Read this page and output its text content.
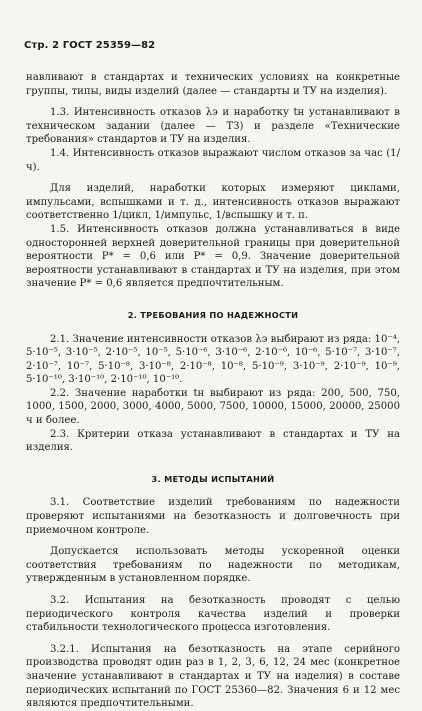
Стр. 2 ГОСТ 25359—82

навливают в стандартах и технических условиях на конкретные группы, типы, виды изделий (далее — стандарты и ТУ на изделия).

1.3. Интенсивность отказов λэ и наработку tн устанавливают в техническом задании (далее — ТЗ) и разделе «Технические требования» стандартов и ТУ на изделия.

1.4. Интенсивность отказов выражают числом отказов за час (1/ч).

Для изделий, наработки которых измеряют циклами, импульсами, вспышками и т. д., интенсивность отказов выражают соответственно 1/цикл, 1/импульс, 1/вспышку и т. п.

1.5. Интенсивность отказов должна устанавливаться в виде односторонней верхней доверительной границы при доверительной вероятности P* = 0,6 или P* = 0,9. Значение доверительной вероятности устанавливают в стандартах и ТУ на изделия, при этом значение P* = 0,6 является предпочтительным.

2. ТРЕБОВАНИЯ ПО НАДЕЖНОСТИ

2.1. Значение интенсивности отказов λэ выбирают из ряда: 10⁻⁴, 5·10⁻⁵, 3·10⁻⁵, 2·10⁻⁵, 10⁻⁵, 5·10⁻⁶, 3·10⁻⁶, 2·10⁻⁶, 10⁻⁶, 5·10⁻⁷, 3·10⁻⁷, 2·10⁻⁷, 10⁻⁷, 5·10⁻⁸, 3·10⁻⁸, 2·10⁻⁸, 10⁻⁸, 5·10⁻⁹, 3·10⁻⁹, 2·10⁻⁹, 10⁻⁹, 5·10⁻¹⁰, 3·10⁻¹⁰, 2·10⁻¹⁰, 10⁻¹⁰.

2.2. Значение наработки tн выбирают из ряда: 200, 500, 750, 1000, 1500, 2000, 3000, 4000, 5000, 7500, 10000, 15000, 20000, 25000 ч и более.

2.3. Критерии отказа устанавливают в стандартах и ТУ на изделия.

3. МЕТОДЫ ИСПЫТАНИЙ

3.1. Соответствие изделий требованиям по надежности проверяют испытаниями на безотказность и долговечность при приемочном контроле.

Допускается использовать методы ускоренной оценки соответствия требованиям по надежности по методикам, утвержденным в установленном порядке.

3.2. Испытания на безотказность проводят с целью периодического контроля качества изделий и проверки стабильности технологического процесса изготовления.

3.2.1. Испытания на безотказность на этапе серийного производства проводят один раз в 1, 2, 3, 6, 12, 24 мес (конкретное значение устанавливают в стандартах и ТУ на изделия) в составе периодических испытаний по ГОСТ 25360—82. Значения 6 и 12 мес являются предпочтительными.
